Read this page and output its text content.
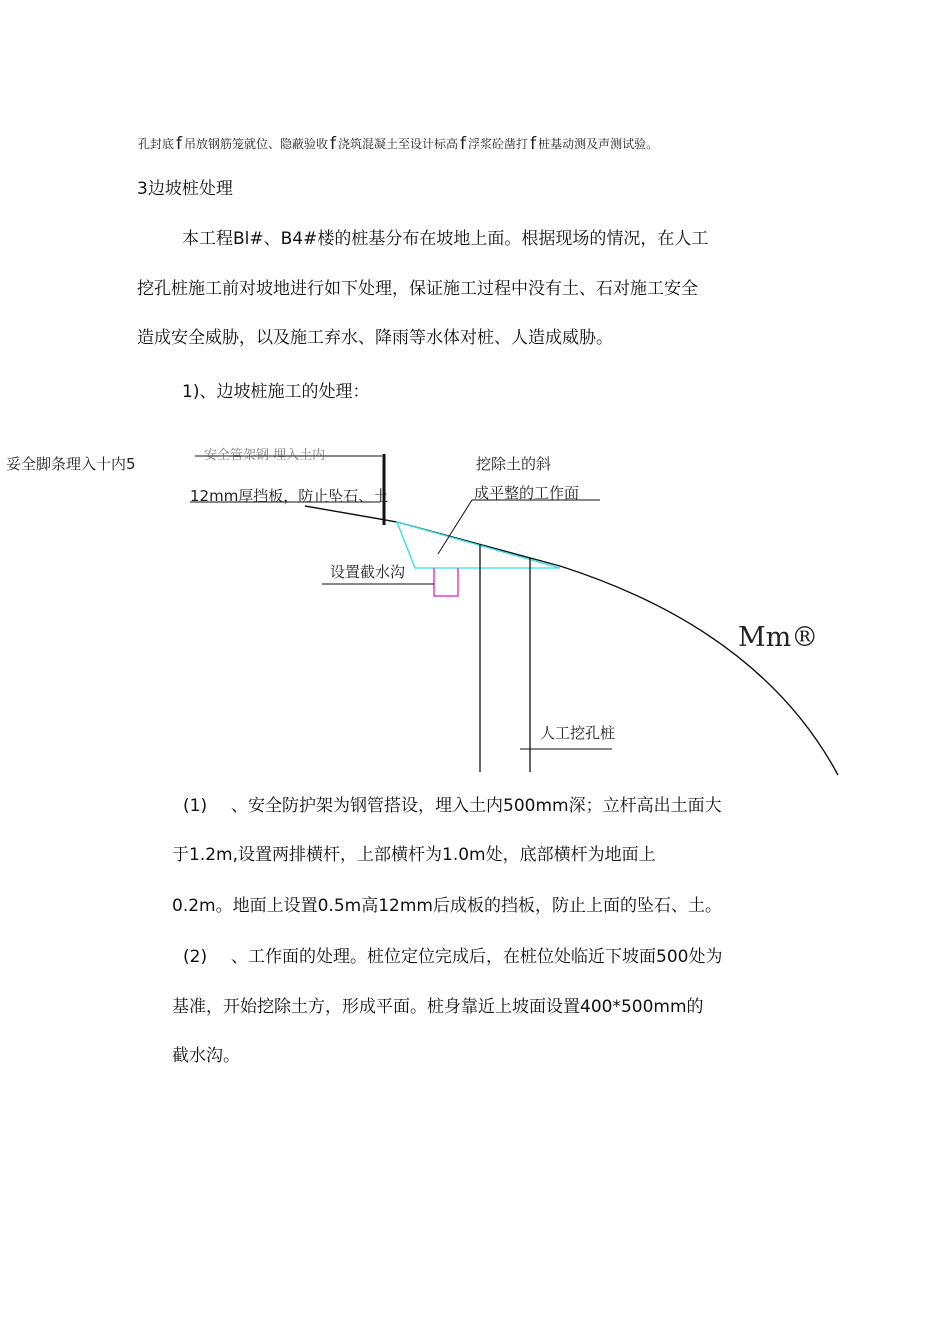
孔封底 f 吊放钢筋笼就位、隐蔽验收 f 浇筑混凝土至设计标高 f 浮浆砼凿打 f 桩基动测及声测试验。
3边坡桩处理
本工程Bl#、B4#楼的桩基分布在坡地上面。根据现场的情况，在人工
挖孔桩施工前对坡地进行如下处理，保证施工过程中没有土、石对施工安全
造成安全威胁，以及施工弃水、降雨等水体对桩、人造成威胁。
1)、边坡桩施工的处理：
妥全脚条理入十内5	安全管架钢 埋入土内
12mm厚挡板，防止坠石、土
设置截水沟
挖除土的斜
成平整的工作面
人工挖孔桩
Mm®
(1) 、安全防护架为钢管搭设，埋入土内500mm深；立杆高出土面大
于1.2m,设置两排横杆，上部横杆为1.0m处，底部横杆为地面上
0.2m。地面上设置0.5m高12mm后成板的挡板，防止上面的坠石、土。
(2) 、工作面的处理。桩位定位完成后，在桩位处临近下坡面500处为
基准，开始挖除土方，形成平面。桩身靠近上坡面设置400*500mm的
截水沟。
